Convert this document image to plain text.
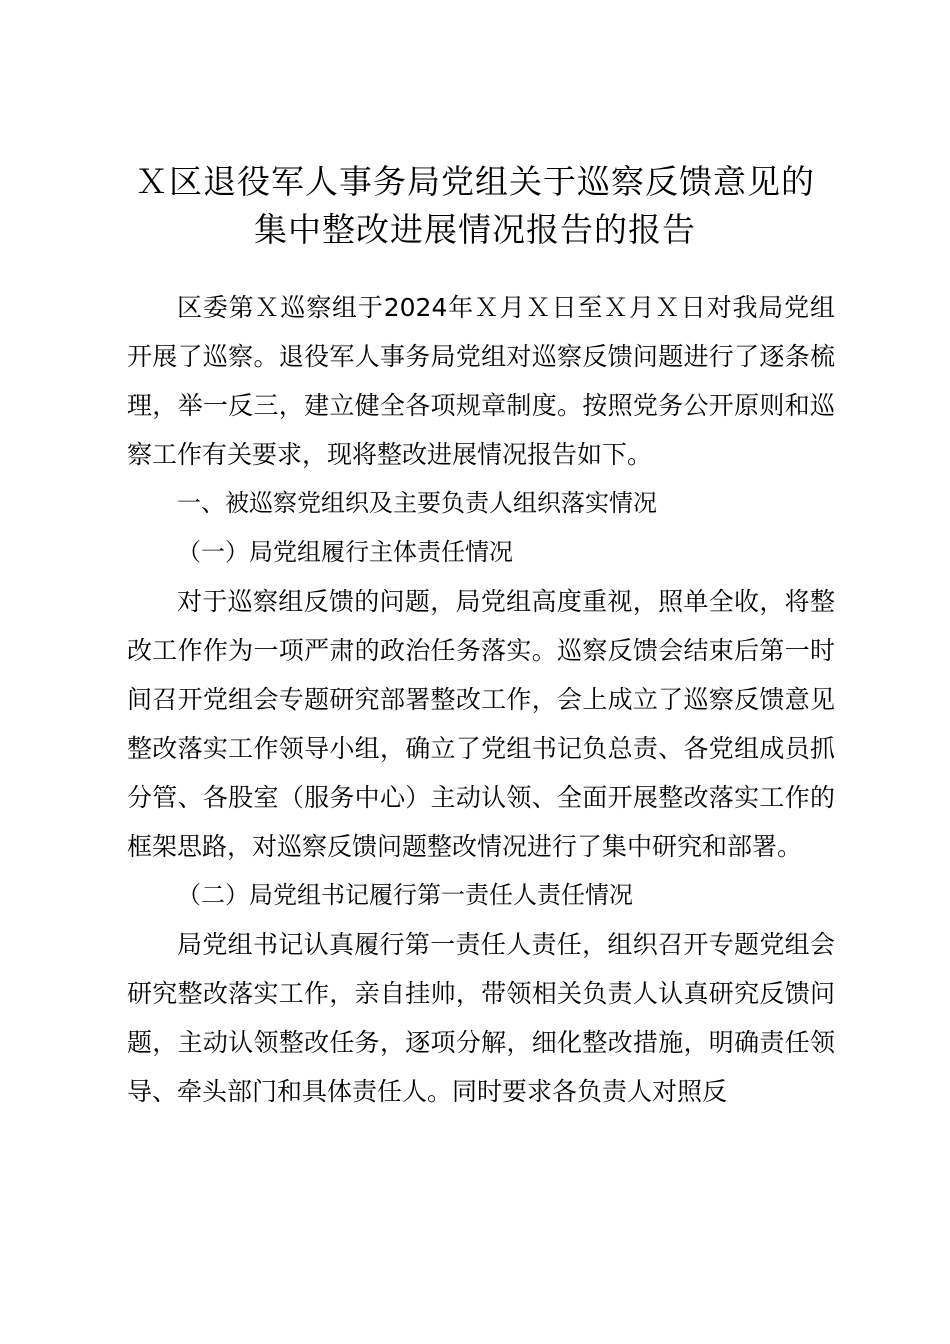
Ｘ区退役军人事务局党组关于巡察反馈意见的
集中整改进展情况报告的报告

区委第Ｘ巡察组于2024年Ｘ月Ｘ日至Ｘ月Ｘ日对我局党组开展了巡察。退役军人事务局党组对巡察反馈问题进行了逐条梳理，举一反三，建立健全各项规章制度。按照党务公开原则和巡察工作有关要求，现将整改进展情况报告如下。

一、被巡察党组织及主要负责人组织落实情况

（一）局党组履行主体责任情况

对于巡察组反馈的问题，局党组高度重视，照单全收，将整改工作作为一项严肃的政治任务落实。巡察反馈会结束后第一时间召开党组会专题研究部署整改工作，会上成立了巡察反馈意见整改落实工作领导小组，确立了党组书记负总责、各党组成员抓分管、各股室（服务中心）主动认领、全面开展整改落实工作的框架思路，对巡察反馈问题整改情况进行了集中研究和部署。

（二）局党组书记履行第一责任人责任情况

局党组书记认真履行第一责任人责任，组织召开专题党组会研究整改落实工作，亲自挂帅，带领相关负责人认真研究反馈问题，主动认领整改任务，逐项分解，细化整改措施，明确责任领导、牵头部门和具体责任人。同时要求各负责人对照反
